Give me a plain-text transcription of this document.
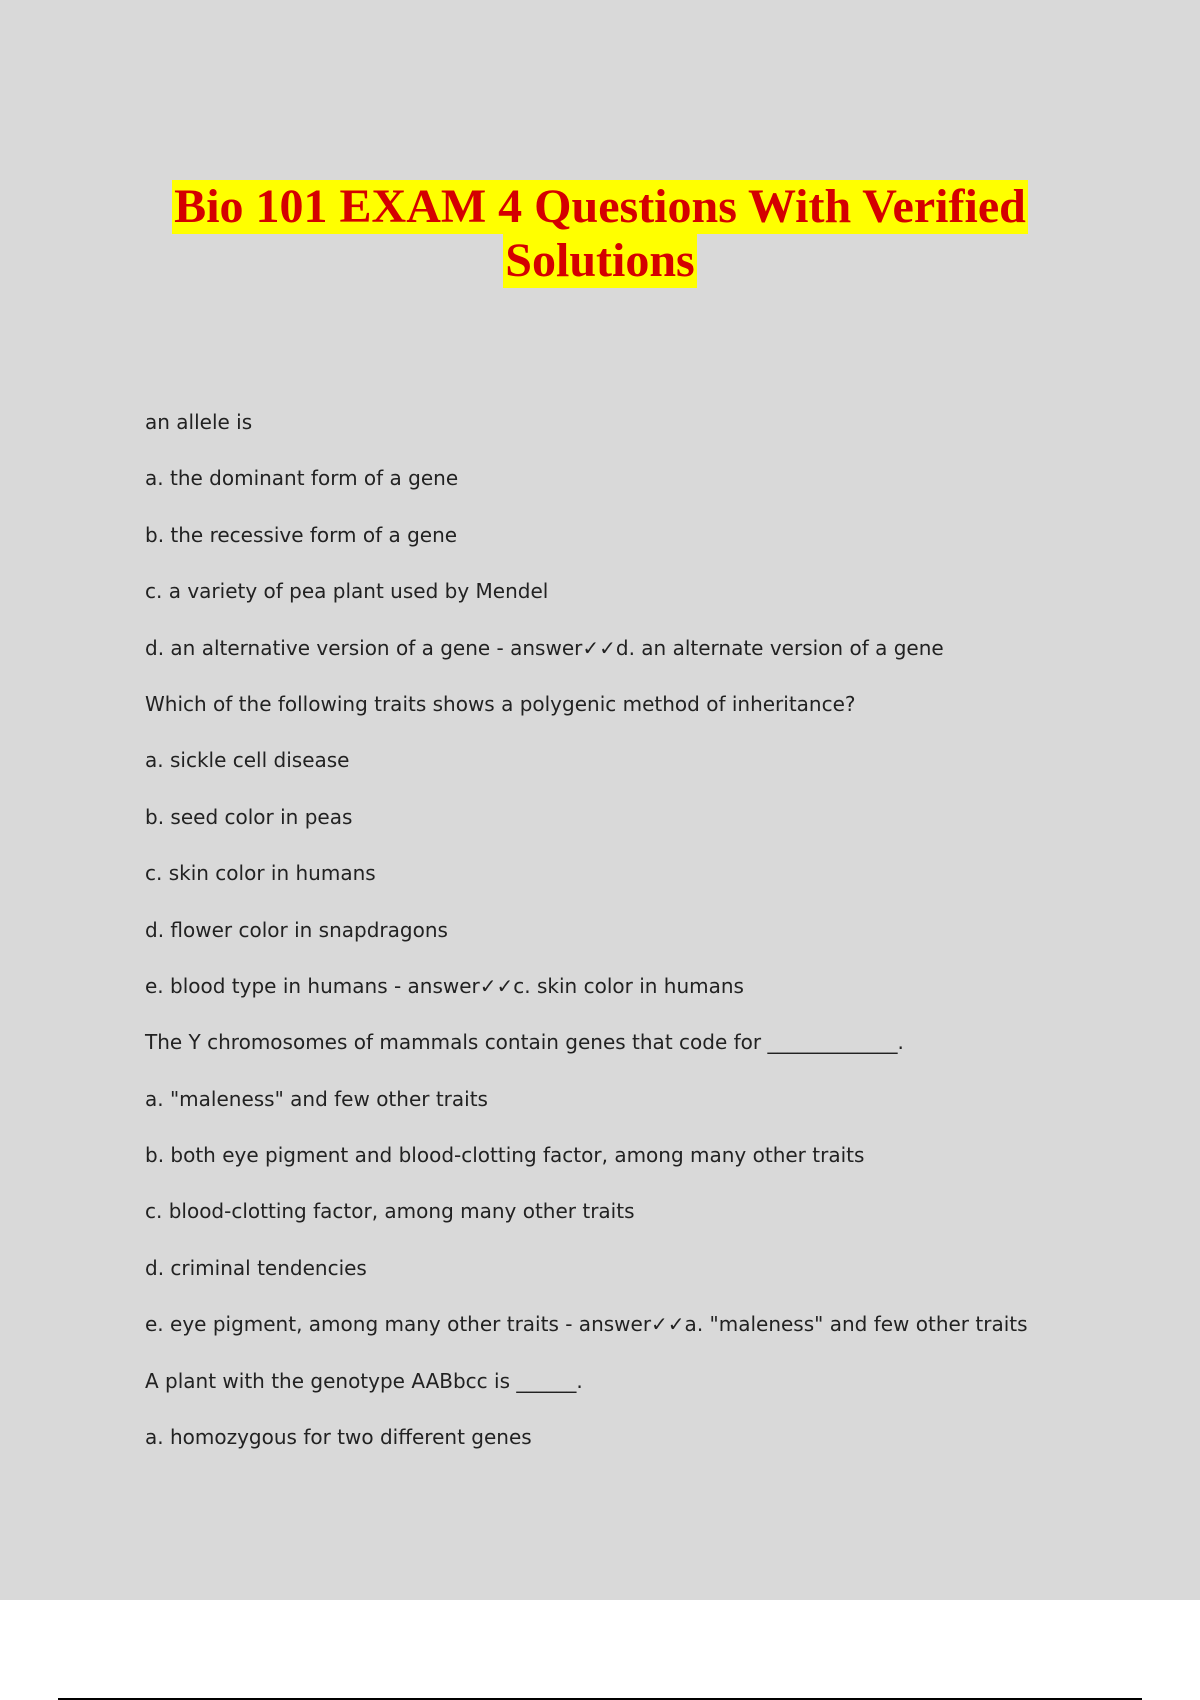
Bio 101 EXAM 4 Questions With Verified
Solutions
an allele is
a. the dominant form of a gene
b. the recessive form of a gene
c. a variety of pea plant used by Mendel
d. an alternative version of a gene - answer✓✓d. an alternate version of a gene
Which of the following traits shows a polygenic method of inheritance?
a. sickle cell disease
b. seed color in peas
c. skin color in humans
d. flower color in snapdragons
e. blood type in humans - answer✓✓c. skin color in humans
The Y chromosomes of mammals contain genes that code for _____________.
a. "maleness" and few other traits
b. both eye pigment and blood-clotting factor, among many other traits
c. blood-clotting factor, among many other traits
d. criminal tendencies
e. eye pigment, among many other traits - answer✓✓a. "maleness" and few other traits
A plant with the genotype AABbcc is ______.
a. homozygous for two different genes
